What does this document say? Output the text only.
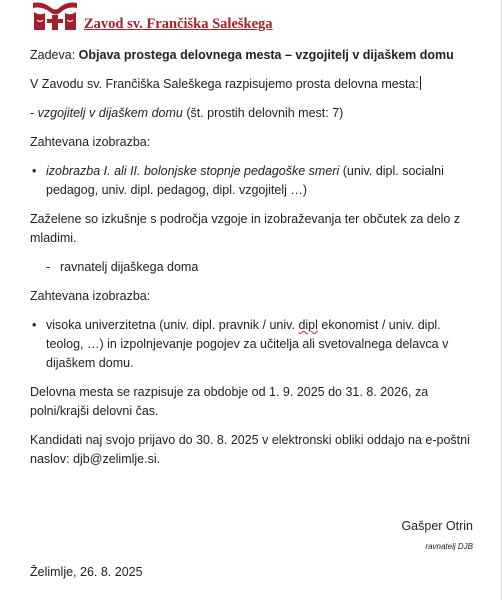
Zavod sv. Frančiška Saleškega

Zadeva: Objava prostega delovnega mesta – vzgojitelj v dijaškem domu

V Zavodu sv. Frančiška Saleškega razpisujemo prosta delovna mesta:

- vzgojitelj v dijaškem domu (št. prostih delovnih mest: 7)

Zahtevana izobrazba:

• izobrazba I. ali II. bolonjske stopnje pedagoške smeri (univ. dipl. socialni pedagog, univ. dipl. pedagog, dipl. vzgojitelj …)

Zaželene so izkušnje s področja vzgoje in izobraževanja ter občutek za delo z mladimi.

- ravnatelj dijaškega doma

Zahtevana izobrazba:

• visoka univerzitetna (univ. dipl. pravnik / univ. dipl ekonomist / univ. dipl. teolog, …) in izpolnjevanje pogojev za učitelja ali svetovalnega delavca v dijaškem domu.

Delovna mesta se razpisuje za obdobje od 1. 9. 2025 do 31. 8. 2026, za polni/krajši delovni čas.

Kandidati naj svojo prijavo do 30. 8. 2025 v elektronski obliki oddajo na e-poštni naslov: djb@zelimlje.si.

Gašper Otrin
ravnatelj DJB
Želimlje, 26. 8. 2025
